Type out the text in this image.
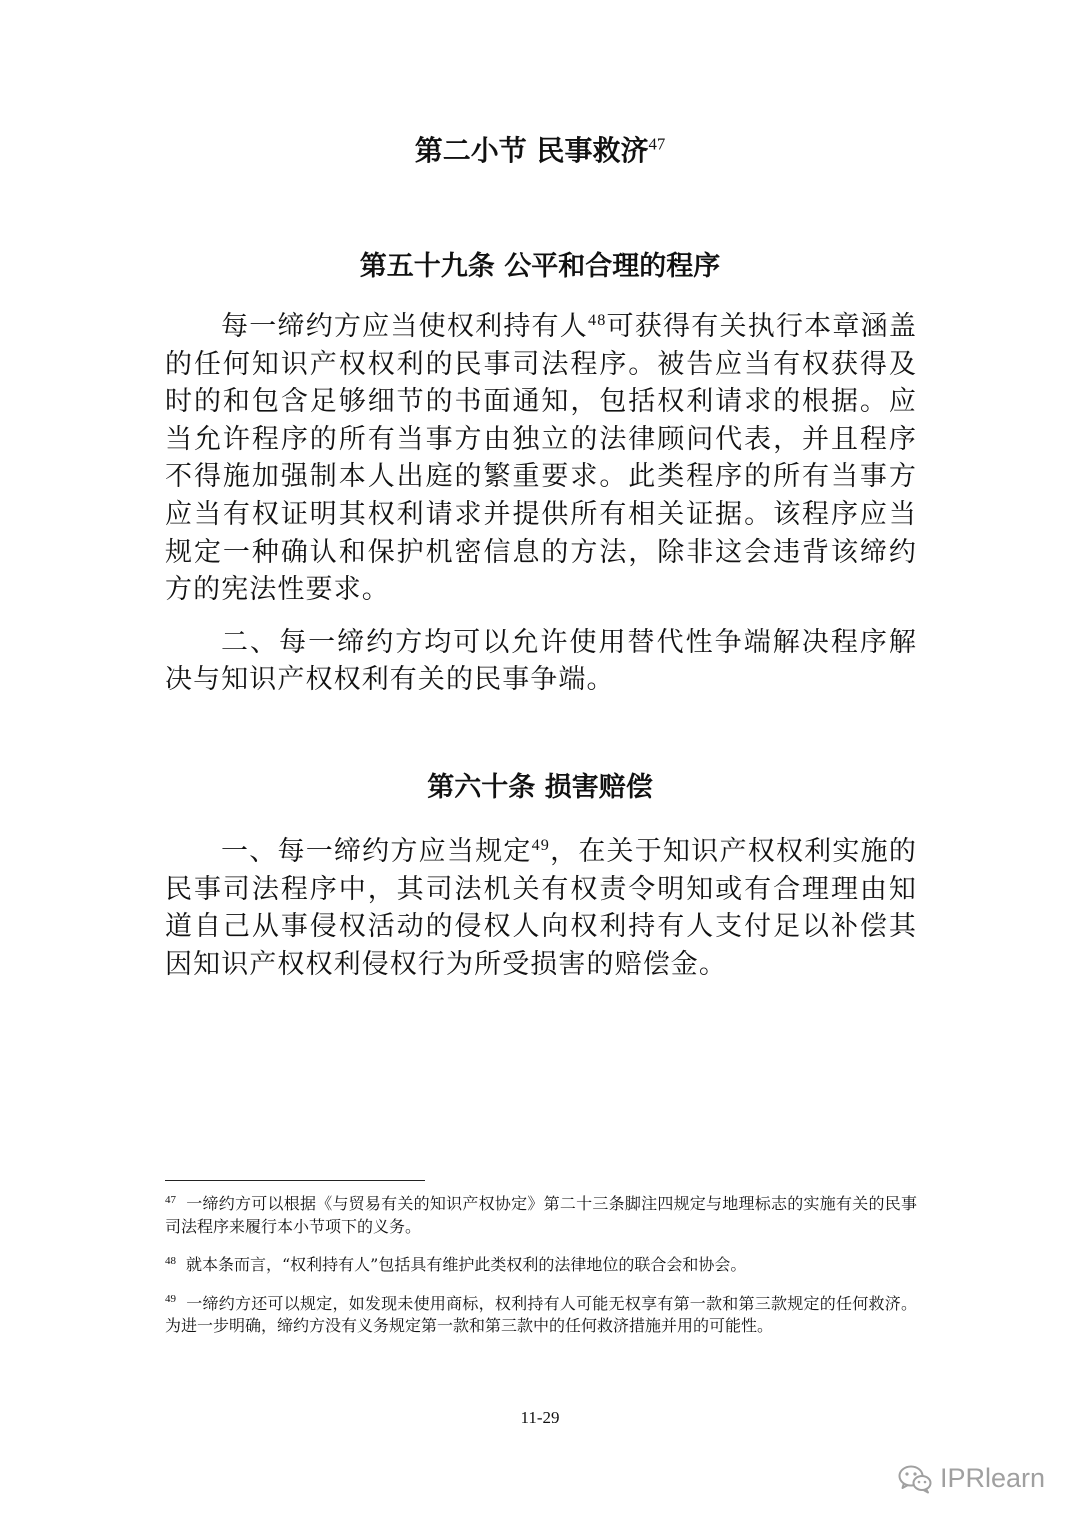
第二小节 民事救济$^{47}$
第五十九条 公平和合理的程序

每一缔约方应当使权利持有人$^{48}$可获得有关执行本章涵盖的任何知识产权权利的民事司法程序。被告应当有权获得及时的和包含足够细节的书面通知，包括权利请求的根据。应当允许程序的所有当事方由独立的法律顾问代表，并且程序不得施加强制本人出庭的繁重要求。此类程序的所有当事方应当有权证明其权利请求并提供所有相关证据。该程序应当规定一种确认和保护机密信息的方法，除非这会违背该缔约方的宪法性要求。

二、每一缔约方均可以允许使用替代性争端解决程序解决与知识产权权利有关的民事争端。

第六十条 损害赔偿

一、每一缔约方应当规定$^{49}$，在关于知识产权权利实施的民事司法程序中，其司法机关有权责令明知或有合理理由知道自己从事侵权活动的侵权人向权利持有人支付足以补偿其因知识产权权利侵权行为所受损害的赔偿金。

$^{47}$ 一缔约方可以根据《与贸易有关的知识产权协定》第二十三条脚注四规定与地理标志的实施有关的民事司法程序来履行本小节项下的义务。

$^{48}$ 就本条而言，“权利持有人”包括具有维护此类权利的法律地位的联合会和协会。

$^{49}$ 一缔约方还可以规定，如发现未使用商标，权利持有人可能无权享有第一款和第三款规定的任何救济。为进一步明确，缔约方没有义务规定第一款和第三款中的任何救济措施并用的可能性。

11-29
IPRlearn
